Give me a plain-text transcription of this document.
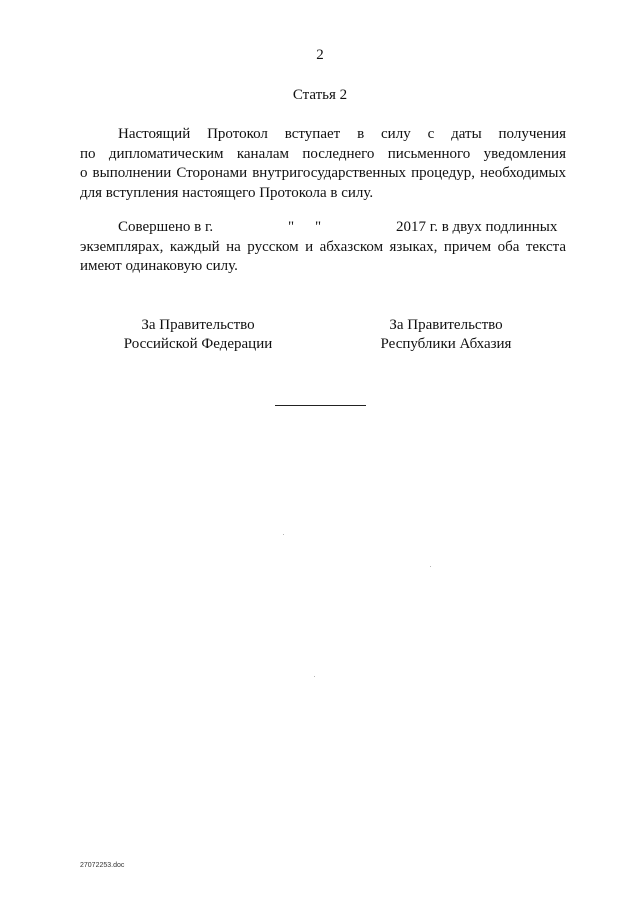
2
Статья 2
Настоящий Протокол вступает в силу с даты получения
по дипломатическим каналам последнего письменного уведомления
о выполнении Сторонами внутригосударственных процедур, необходимых
для вступления настоящего Протокола в силу.
Совершено в г.	" "	2017 г. в двух подлинных
экземплярах, каждый на русском и абхазском языках, причем оба текста
имеют одинаковую силу.
За Правительство
Российской Федерации
За Правительство
Республики Абхазия
27072253.doc
